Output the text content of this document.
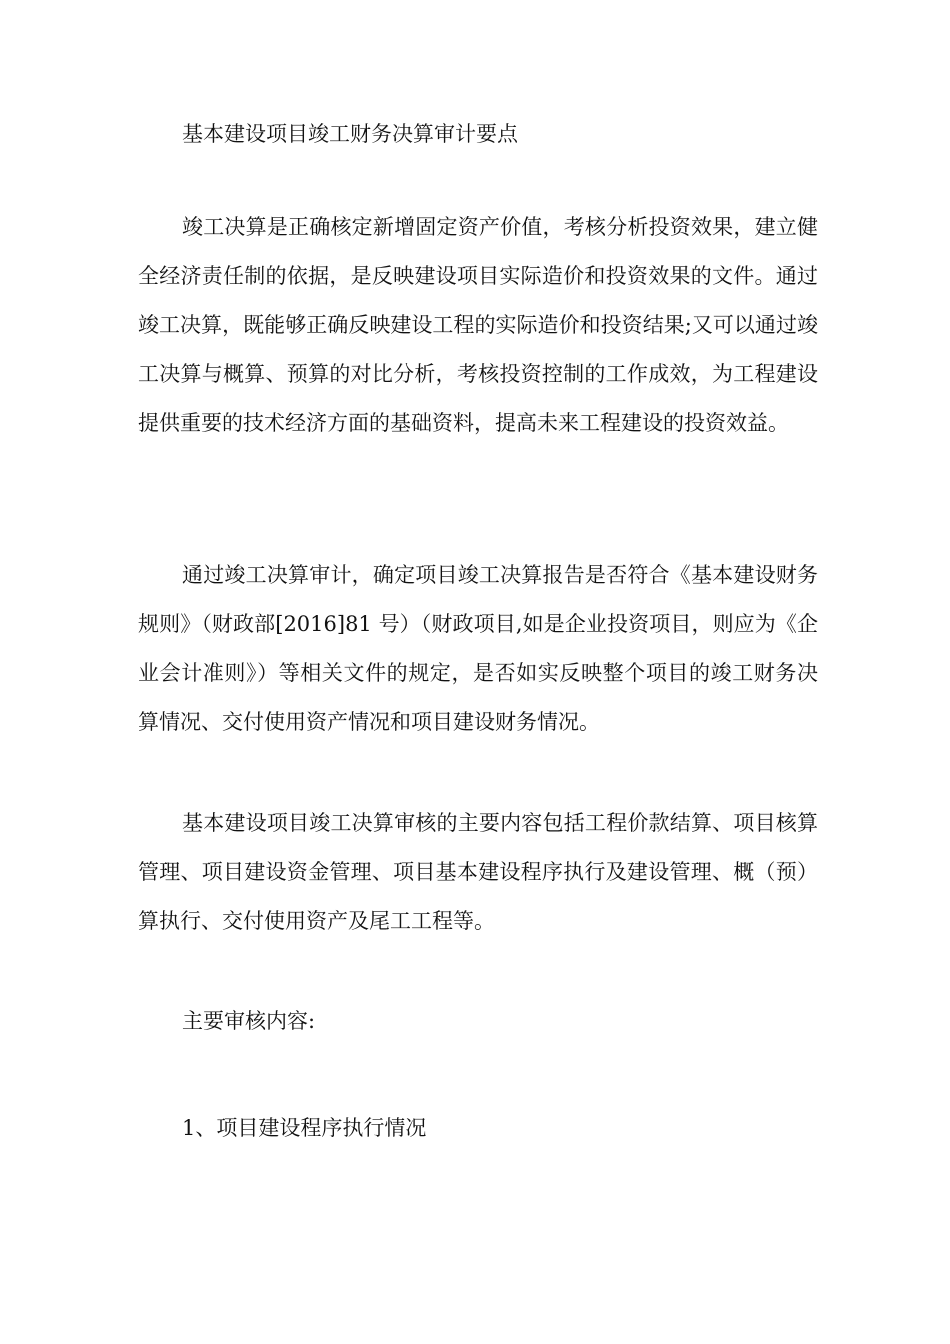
基本建设项目竣工财务决算审计要点

竣工决算是正确核定新增固定资产价值，考核分析投资效果，建立健全经济责任制的依据，是反映建设项目实际造价和投资效果的文件。通过竣工决算，既能够正确反映建设工程的实际造价和投资结果;又可以通过竣工决算与概算、预算的对比分析，考核投资控制的工作成效，为工程建设提供重要的技术经济方面的基础资料，提高未来工程建设的投资效益。

通过竣工决算审计，确定项目竣工决算报告是否符合《基本建设财务规则》（财政部[2016]81 号）（财政项目,如是企业投资项目，则应为《企业会计准则》）等相关文件的规定，是否如实反映整个项目的竣工财务决算情况、交付使用资产情况和项目建设财务情况。

基本建设项目竣工决算审核的主要内容包括工程价款结算、项目核算管理、项目建设资金管理、项目基本建设程序执行及建设管理、概（预）算执行、交付使用资产及尾工工程等。

主要审核内容:

1、项目建设程序执行情况
